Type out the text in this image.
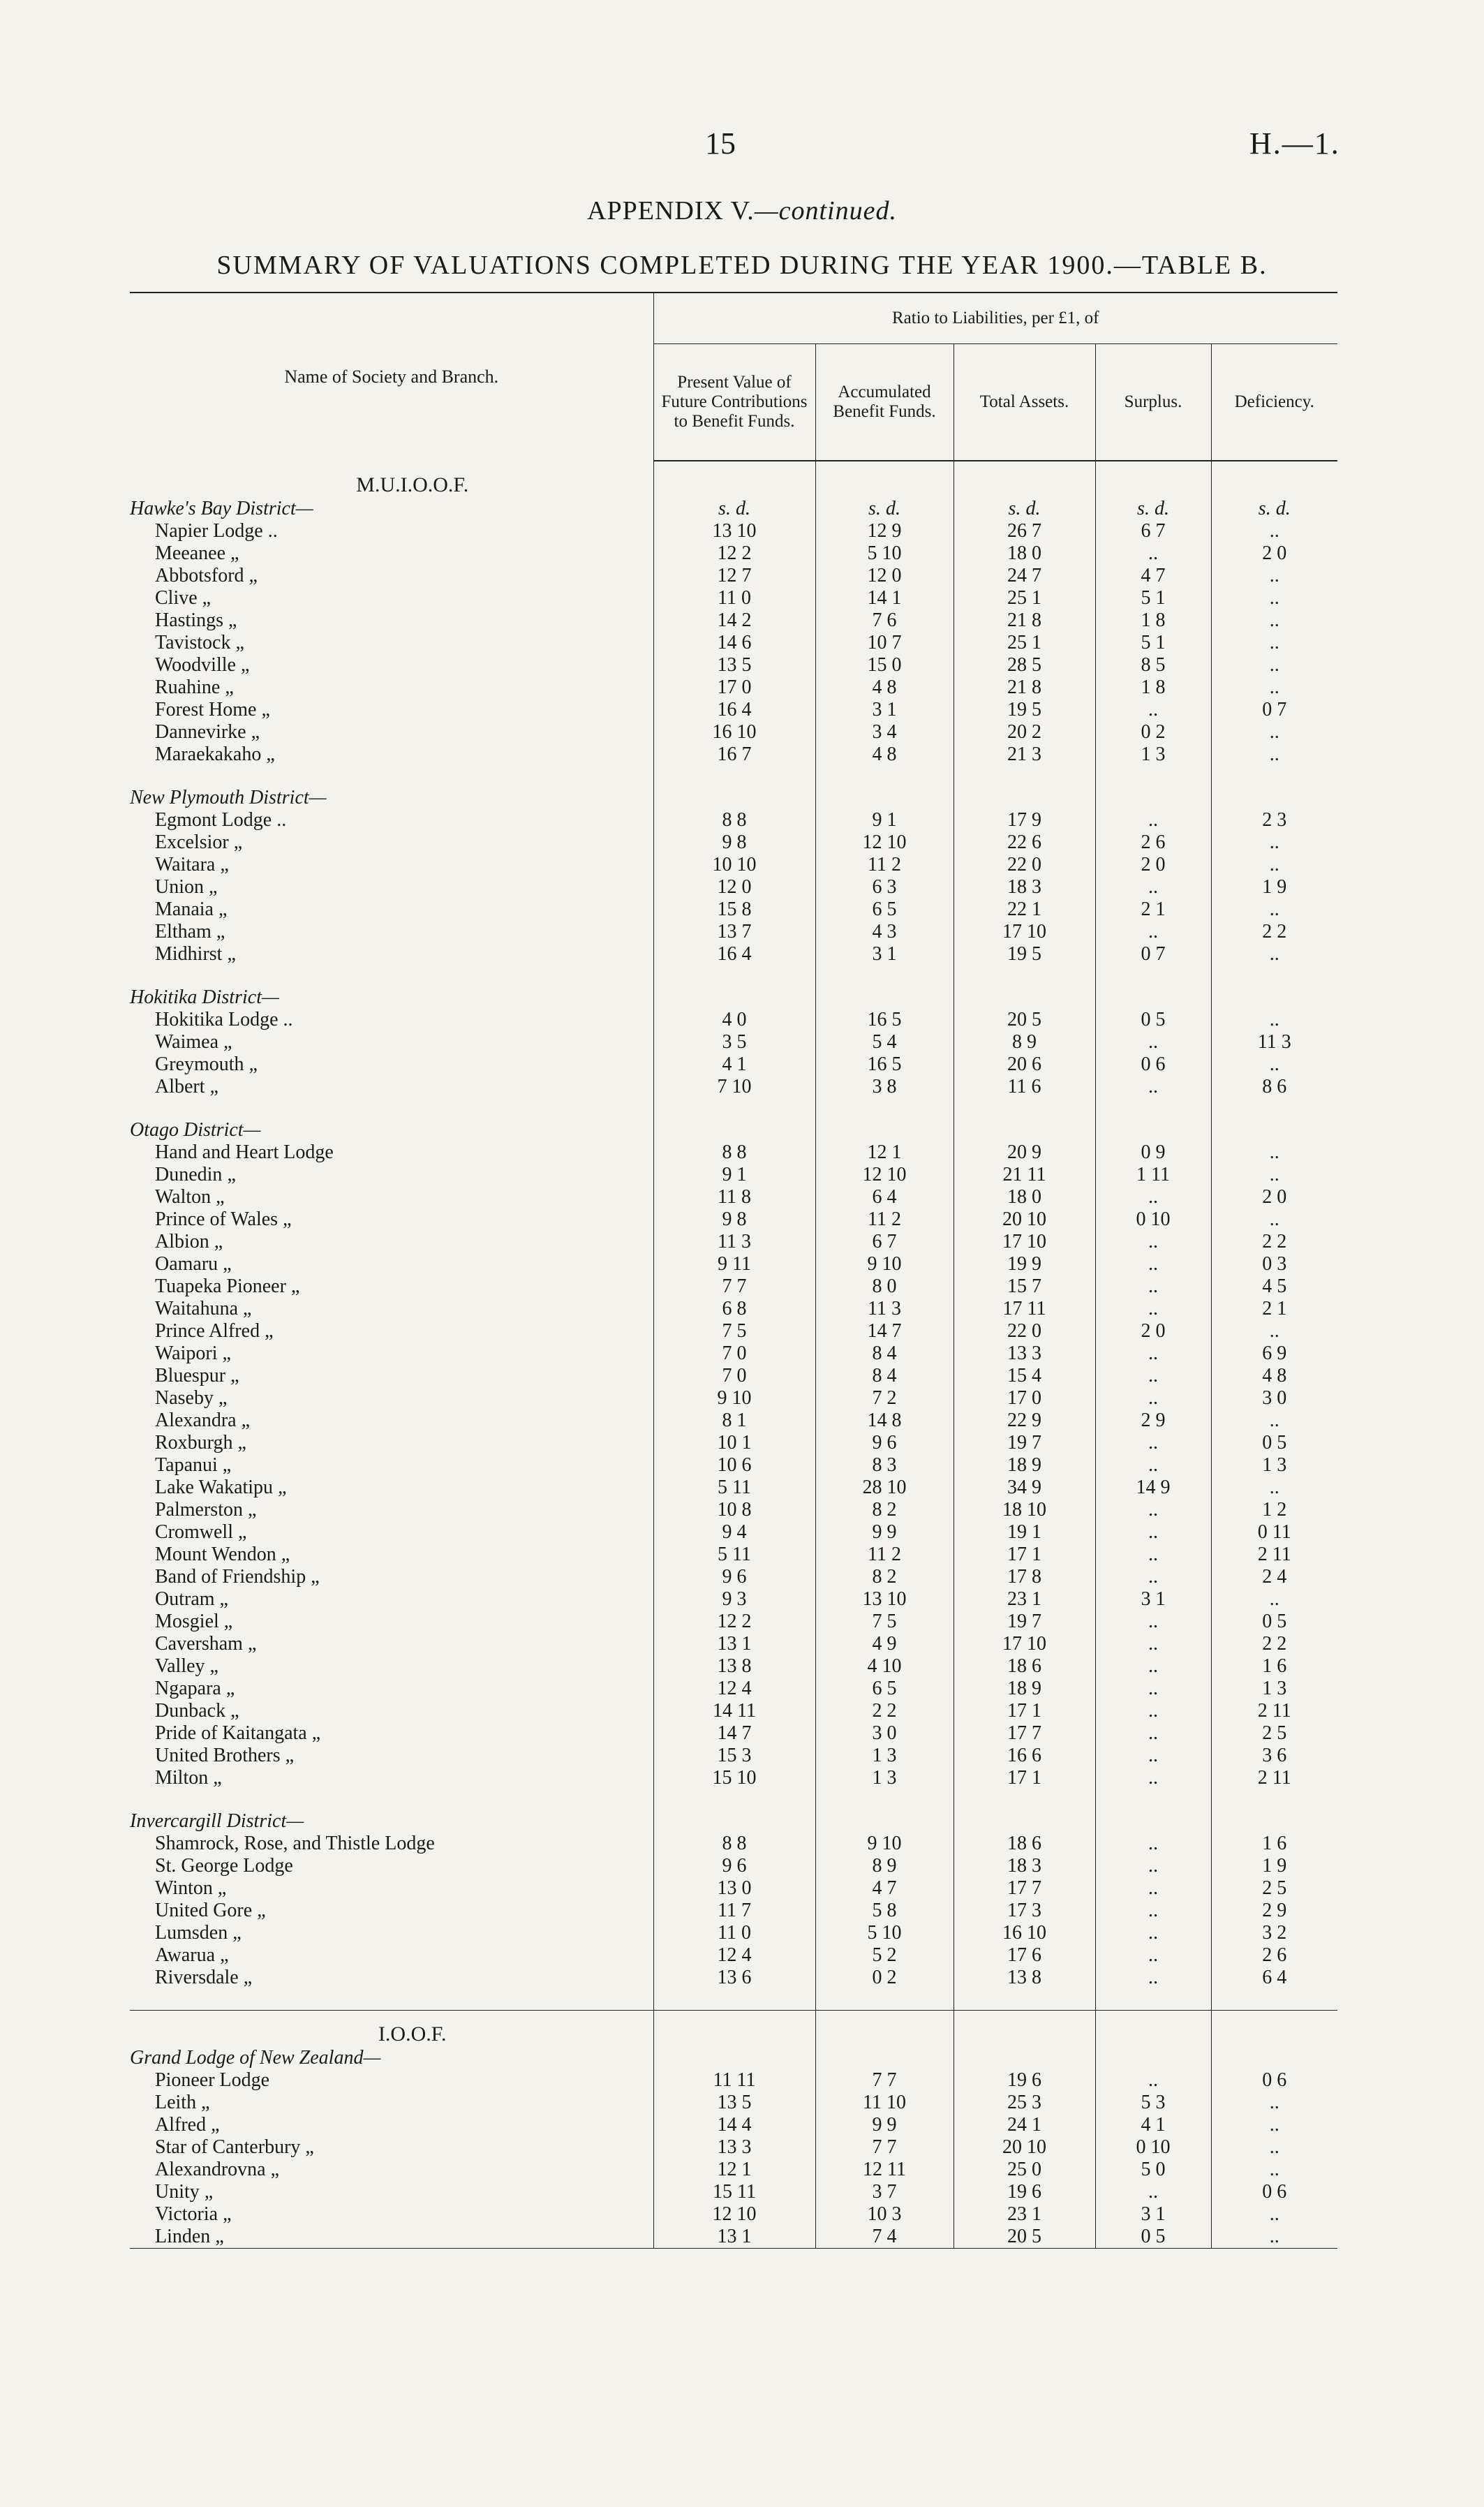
15	H.—1.
APPENDIX V.—continued.
SUMMARY OF VALUATIONS COMPLETED DURING THE YEAR 1900.—TABLE B.
Name of Society and Branch.	Ratio to Liabilities, per £1, of				
	Present Value of Future Contributions to Benefit Funds.	Accumulated Benefit Funds.	Total Assets.	Surplus.	Deficiency.
M.U.I.O.O.F.					
Hawke's Bay District—	s. d.	s. d.	s. d.	s. d.	s. d.
Napier Lodge ..	13 10	12 9	26 7	6 7	..
Meeanee „	12 2	5 10	18 0	..	2 0
Abbotsford „	12 7	12 0	24 7	4 7	..
Clive „	11 0	14 1	25 1	5 1	..
Hastings „	14 2	7 6	21 8	1 8	..
Tavistock „	14 6	10 7	25 1	5 1	..
Woodville „	13 5	15 0	28 5	8 5	..
Ruahine „	17 0	4 8	21 8	1 8	..
Forest Home „	16 4	3 1	19 5	..	0 7
Dannevirke „	16 10	3 4	20 2	0 2	..
Maraekakaho „	16 7	4 8	21 3	1 3	..

New Plymouth District—					
Egmont Lodge ..	8 8	9 1	17 9	..	2 3
Excelsior „	9 8	12 10	22 6	2 6	..
Waitara „	10 10	11 2	22 0	2 0	..
Union „	12 0	6 3	18 3	..	1 9
Manaia „	15 8	6 5	22 1	2 1	..
Eltham „	13 7	4 3	17 10	..	2 2
Midhirst „	16 4	3 1	19 5	0 7	..

Hokitika District—					
Hokitika Lodge ..	4 0	16 5	20 5	0 5	..
Waimea „	3 5	5 4	8 9	..	11 3
Greymouth „	4 1	16 5	20 6	0 6	..
Albert „	7 10	3 8	11 6	..	8 6

Otago District—					
Hand and Heart Lodge	8 8	12 1	20 9	0 9	..
Dunedin „	9 1	12 10	21 11	1 11	..
Walton „	11 8	6 4	18 0	..	2 0
Prince of Wales „	9 8	11 2	20 10	0 10	..
Albion „	11 3	6 7	17 10	..	2 2
Oamaru „	9 11	9 10	19 9	..	0 3
Tuapeka Pioneer „	7 7	8 0	15 7	..	4 5
Waitahuna „	6 8	11 3	17 11	..	2 1
Prince Alfred „	7 5	14 7	22 0	2 0	..
Waipori „	7 0	8 4	13 3	..	6 9
Bluespur „	7 0	8 4	15 4	..	4 8
Naseby „	9 10	7 2	17 0	..	3 0
Alexandra „	8 1	14 8	22 9	2 9	..
Roxburgh „	10 1	9 6	19 7	..	0 5
Tapanui „	10 6	8 3	18 9	..	1 3
Lake Wakatipu „	5 11	28 10	34 9	14 9	..
Palmerston „	10 8	8 2	18 10	..	1 2
Cromwell „	9 4	9 9	19 1	..	0 11
Mount Wendon „	5 11	11 2	17 1	..	2 11
Band of Friendship „	9 6	8 2	17 8	..	2 4
Outram „	9 3	13 10	23 1	3 1	..
Mosgiel „	12 2	7 5	19 7	..	0 5
Caversham „	13 1	4 9	17 10	..	2 2
Valley „	13 8	4 10	18 6	..	1 6
Ngapara „	12 4	6 5	18 9	..	1 3
Dunback „	14 11	2 2	17 1	..	2 11
Pride of Kaitangata „	14 7	3 0	17 7	..	2 5
United Brothers „	15 3	1 3	16 6	..	3 6
Milton „	15 10	1 3	17 1	..	2 11

Invercargill District—					
Shamrock, Rose, and Thistle Lodge	8 8	9 10	18 6	..	1 6
St. George Lodge	9 6	8 9	18 3	..	1 9
Winton „	13 0	4 7	17 7	..	2 5
United Gore „	11 7	5 8	17 3	..	2 9
Lumsden „	11 0	5 10	16 10	..	3 2
Awarua „	12 4	5 2	17 6	..	2 6
Riversdale „	13 6	0 2	13 8	..	6 4

I.O.O.F.					
Grand Lodge of New Zealand—					
Pioneer Lodge	11 11	7 7	19 6	..	0 6
Leith „	13 5	11 10	25 3	5 3	..
Alfred „	14 4	9 9	24 1	4 1	..
Star of Canterbury „	13 3	7 7	20 10	0 10	..
Alexandrovna „	12 1	12 11	25 0	5 0	..
Unity „	15 11	3 7	19 6	..	0 6
Victoria „	12 10	10 3	23 1	3 1	..
Linden „	13 1	7 4	20 5	0 5	..
